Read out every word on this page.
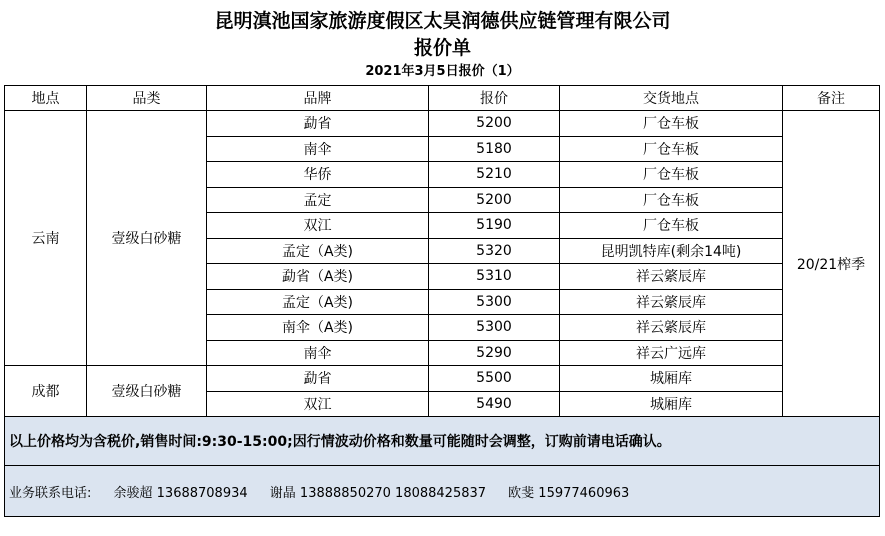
昆明滇池国家旅游度假区太昊润德供应链管理有限公司
报价单
2021年3月5日报价（1）
地点	品类	品牌	报价	交货地点	备注
云南	壹级白砂糖	勐省	5200	厂仓车板	20/21榨季
		南伞	5180	厂仓车板	
		华侨	5210	厂仓车板	
		孟定	5200	厂仓车板	
		双江	5190	厂仓车板	
		孟定（A类)	5320	昆明凯特库(剩余14吨)	
		勐省（A类)	5310	祥云綮辰库	
		孟定（A类)	5300	祥云綮辰库	
		南伞（A类)	5300	祥云綮辰库	
		南伞	5290	祥云广远库	
成都	壹级白砂糖	勐省	5500	城厢库	
		双江	5490	城厢库	
以上价格均为含税价,销售时间:9:30-15:00;因行情波动价格和数量可能随时会调整，订购前请电话确认。					
业务联系电话: 余骏超 13688708934 谢晶 13888850270 18088425837 欧斐 15977460963					
